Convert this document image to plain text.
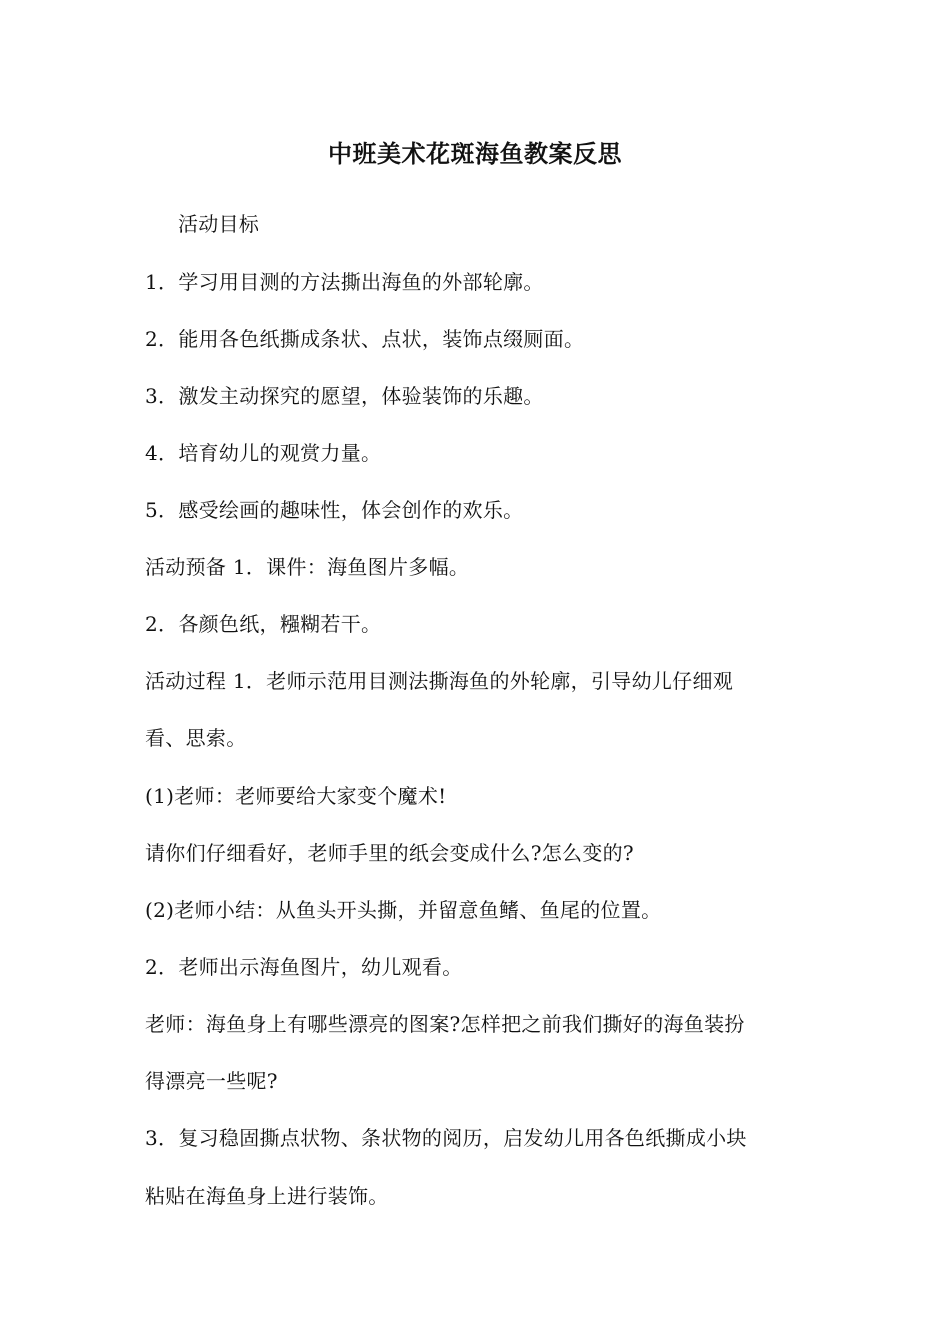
中班美术花斑海鱼教案反思
活动目标
1．学习用目测的方法撕出海鱼的外部轮廓。
2．能用各色纸撕成条状、点状，装饰点缀厕面。
3．激发主动探究的愿望，体验装饰的乐趣。
4．培育幼儿的观赏力量。
5．感受绘画的趣味性，体会创作的欢乐。
活动预备 1．课件：海鱼图片多幅。
2．各颜色纸，糨糊若干。
活动过程 1．老师示范用目测法撕海鱼的外轮廓，引导幼儿仔细观
看、思索。
(1)老师：老师要给大家变个魔术!
请你们仔细看好，老师手里的纸会变成什么?怎么变的?
(2)老师小结：从鱼头开头撕，并留意鱼鳍、鱼尾的位置。
2．老师出示海鱼图片，幼儿观看。
老师：海鱼身上有哪些漂亮的图案?怎样把之前我们撕好的海鱼装扮
得漂亮一些呢?
3．复习稳固撕点状物、条状物的阅历，启发幼儿用各色纸撕成小块
粘贴在海鱼身上进行装饰。
